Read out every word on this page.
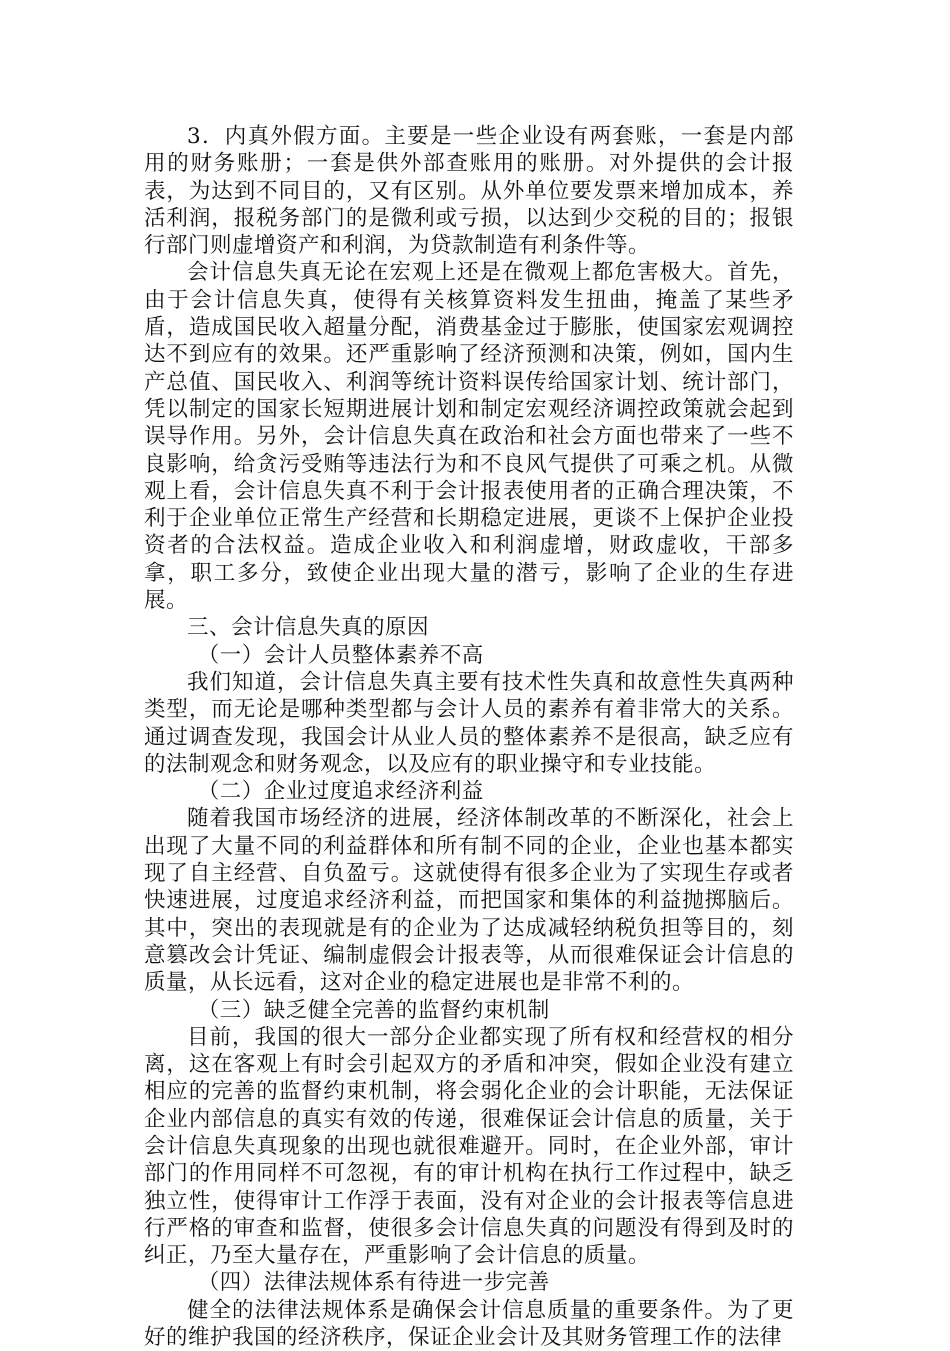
3．内真外假方面。主要是一些企业设有两套账，一套是内部用的财务账册；一套是供外部查账用的账册。对外提供的会计报表，为达到不同目的，又有区别。从外单位要发票来增加成本，养活利润，报税务部门的是微利或亏损，以达到少交税的目的；报银行部门则虚增资产和利润，为贷款制造有利条件等。

会计信息失真无论在宏观上还是在微观上都危害极大。首先，由于会计信息失真，使得有关核算资料发生扭曲，掩盖了某些矛盾，造成国民收入超量分配，消费基金过于膨胀，使国家宏观调控达不到应有的效果。还严重影响了经济预测和决策，例如，国内生产总值、国民收入、利润等统计资料误传给国家计划、统计部门，凭以制定的国家长短期进展计划和制定宏观经济调控政策就会起到误导作用。另外，会计信息失真在政治和社会方面也带来了一些不良影响，给贪污受贿等违法行为和不良风气提供了可乘之机。从微观上看，会计信息失真不利于会计报表使用者的正确合理决策，不利于企业单位正常生产经营和长期稳定进展，更谈不上保护企业投资者的合法权益。造成企业收入和利润虚增，财政虚收，干部多拿，职工多分，致使企业出现大量的潜亏，影响了企业的生存进展。

三、会计信息失真的原因

（一）会计人员整体素养不高

我们知道，会计信息失真主要有技术性失真和故意性失真两种类型，而无论是哪种类型都与会计人员的素养有着非常大的关系。通过调查发现，我国会计从业人员的整体素养不是很高，缺乏应有的法制观念和财务观念，以及应有的职业操守和专业技能。

（二）企业过度追求经济利益

随着我国市场经济的进展，经济体制改革的不断深化，社会上出现了大量不同的利益群体和所有制不同的企业，企业也基本都实现了自主经营、自负盈亏。这就使得有很多企业为了实现生存或者快速进展，过度追求经济利益，而把国家和集体的利益抛掷脑后。其中，突出的表现就是有的企业为了达成减轻纳税负担等目的，刻意篡改会计凭证、编制虚假会计报表等，从而很难保证会计信息的质量，从长远看，这对企业的稳定进展也是非常不利的。

（三）缺乏健全完善的监督约束机制

目前，我国的很大一部分企业都实现了所有权和经营权的相分离，这在客观上有时会引起双方的矛盾和冲突，假如企业没有建立相应的完善的监督约束机制，将会弱化企业的会计职能，无法保证企业内部信息的真实有效的传递，很难保证会计信息的质量，关于会计信息失真现象的出现也就很难避开。同时，在企业外部，审计部门的作用同样不可忽视，有的审计机构在执行工作过程中，缺乏独立性，使得审计工作浮于表面，没有对企业的会计报表等信息进行严格的审查和监督，使很多会计信息失真的问题没有得到及时的纠正，乃至大量存在，严重影响了会计信息的质量。

（四）法律法规体系有待进一步完善

健全的法律法规体系是确保会计信息质量的重要条件。为了更好的维护我国的经济秩序，保证企业会计及其财务管理工作的法律
